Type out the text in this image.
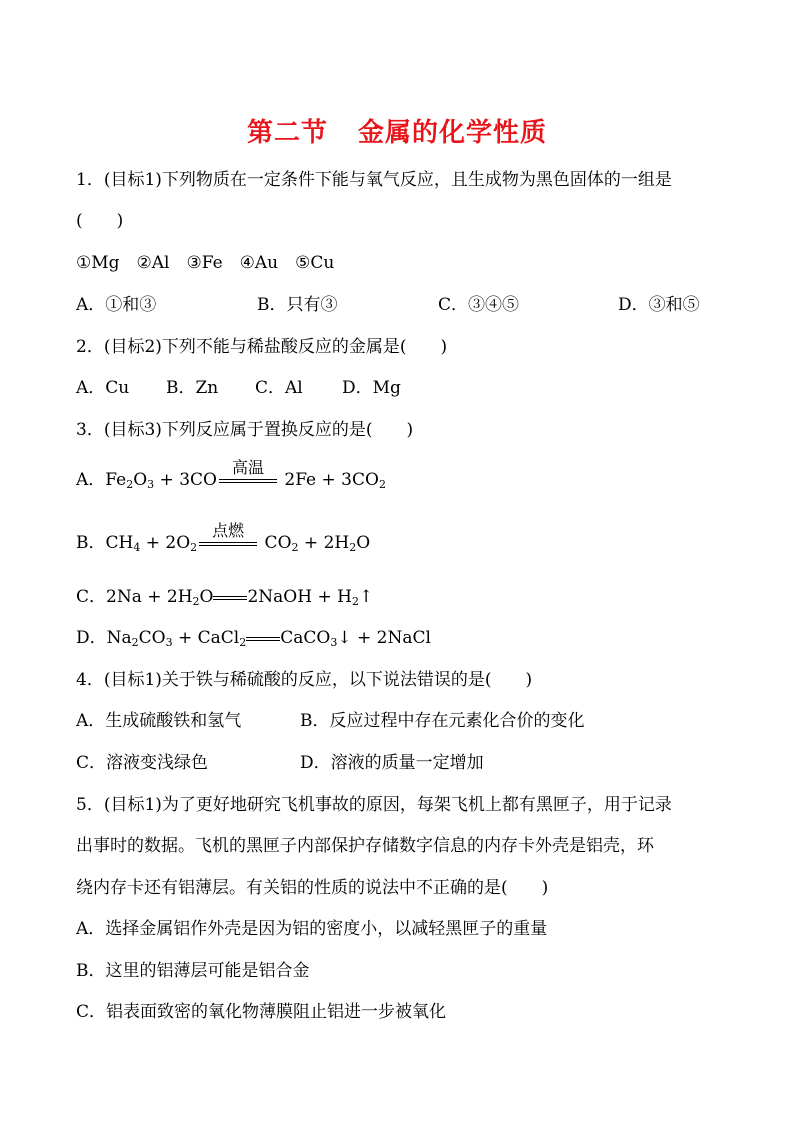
第二节 金属的化学性质
1．(目标1)下列物质在一定条件下能与氧气反应，且生成物为黑色固体的一组是
(　　)
①Mg　②Al　③Fe　④Au　⑤Cu
A．①和③	B．只有③	C．③④⑤	D．③和⑤
2．(目标2)下列不能与稀盐酸反应的金属是(　　)
A．Cu B．Zn C．Al D．Mg
3．(目标3)下列反应属于置换反应的是(　　)
A．$Fe_2O_3 + 3CO$
高温
$2Fe + 3CO_2$
B．$CH_4 + 2O_2$
点燃
$CO_2 + 2H_2O$
C．$2Na + 2H_2O$ 2NaOH + $H_2↑$
D．$Na_2CO_3$ + CaCl$_2$ CaCO$_3$↓ + 2NaCl
4．(目标1)关于铁与稀硫酸的反应，以下说法错误的是(　　)
A．生成硫酸铁和氢气	B．反应过程中存在元素化合价的变化
C．溶液变浅绿色	D．溶液的质量一定增加
5．(目标1)为了更好地研究飞机事故的原因，每架飞机上都有黑匣子，用于记录
出事时的数据。飞机的黑匣子内部保护存储数字信息的内存卡外壳是铝壳，环
绕内存卡还有铝薄层。有关铝的性质的说法中不正确的是(　　)
A．选择金属铝作外壳是因为铝的密度小，以减轻黑匣子的重量
B．这里的铝薄层可能是铝合金
C．铝表面致密的氧化物薄膜阻止铝进一步被氧化
